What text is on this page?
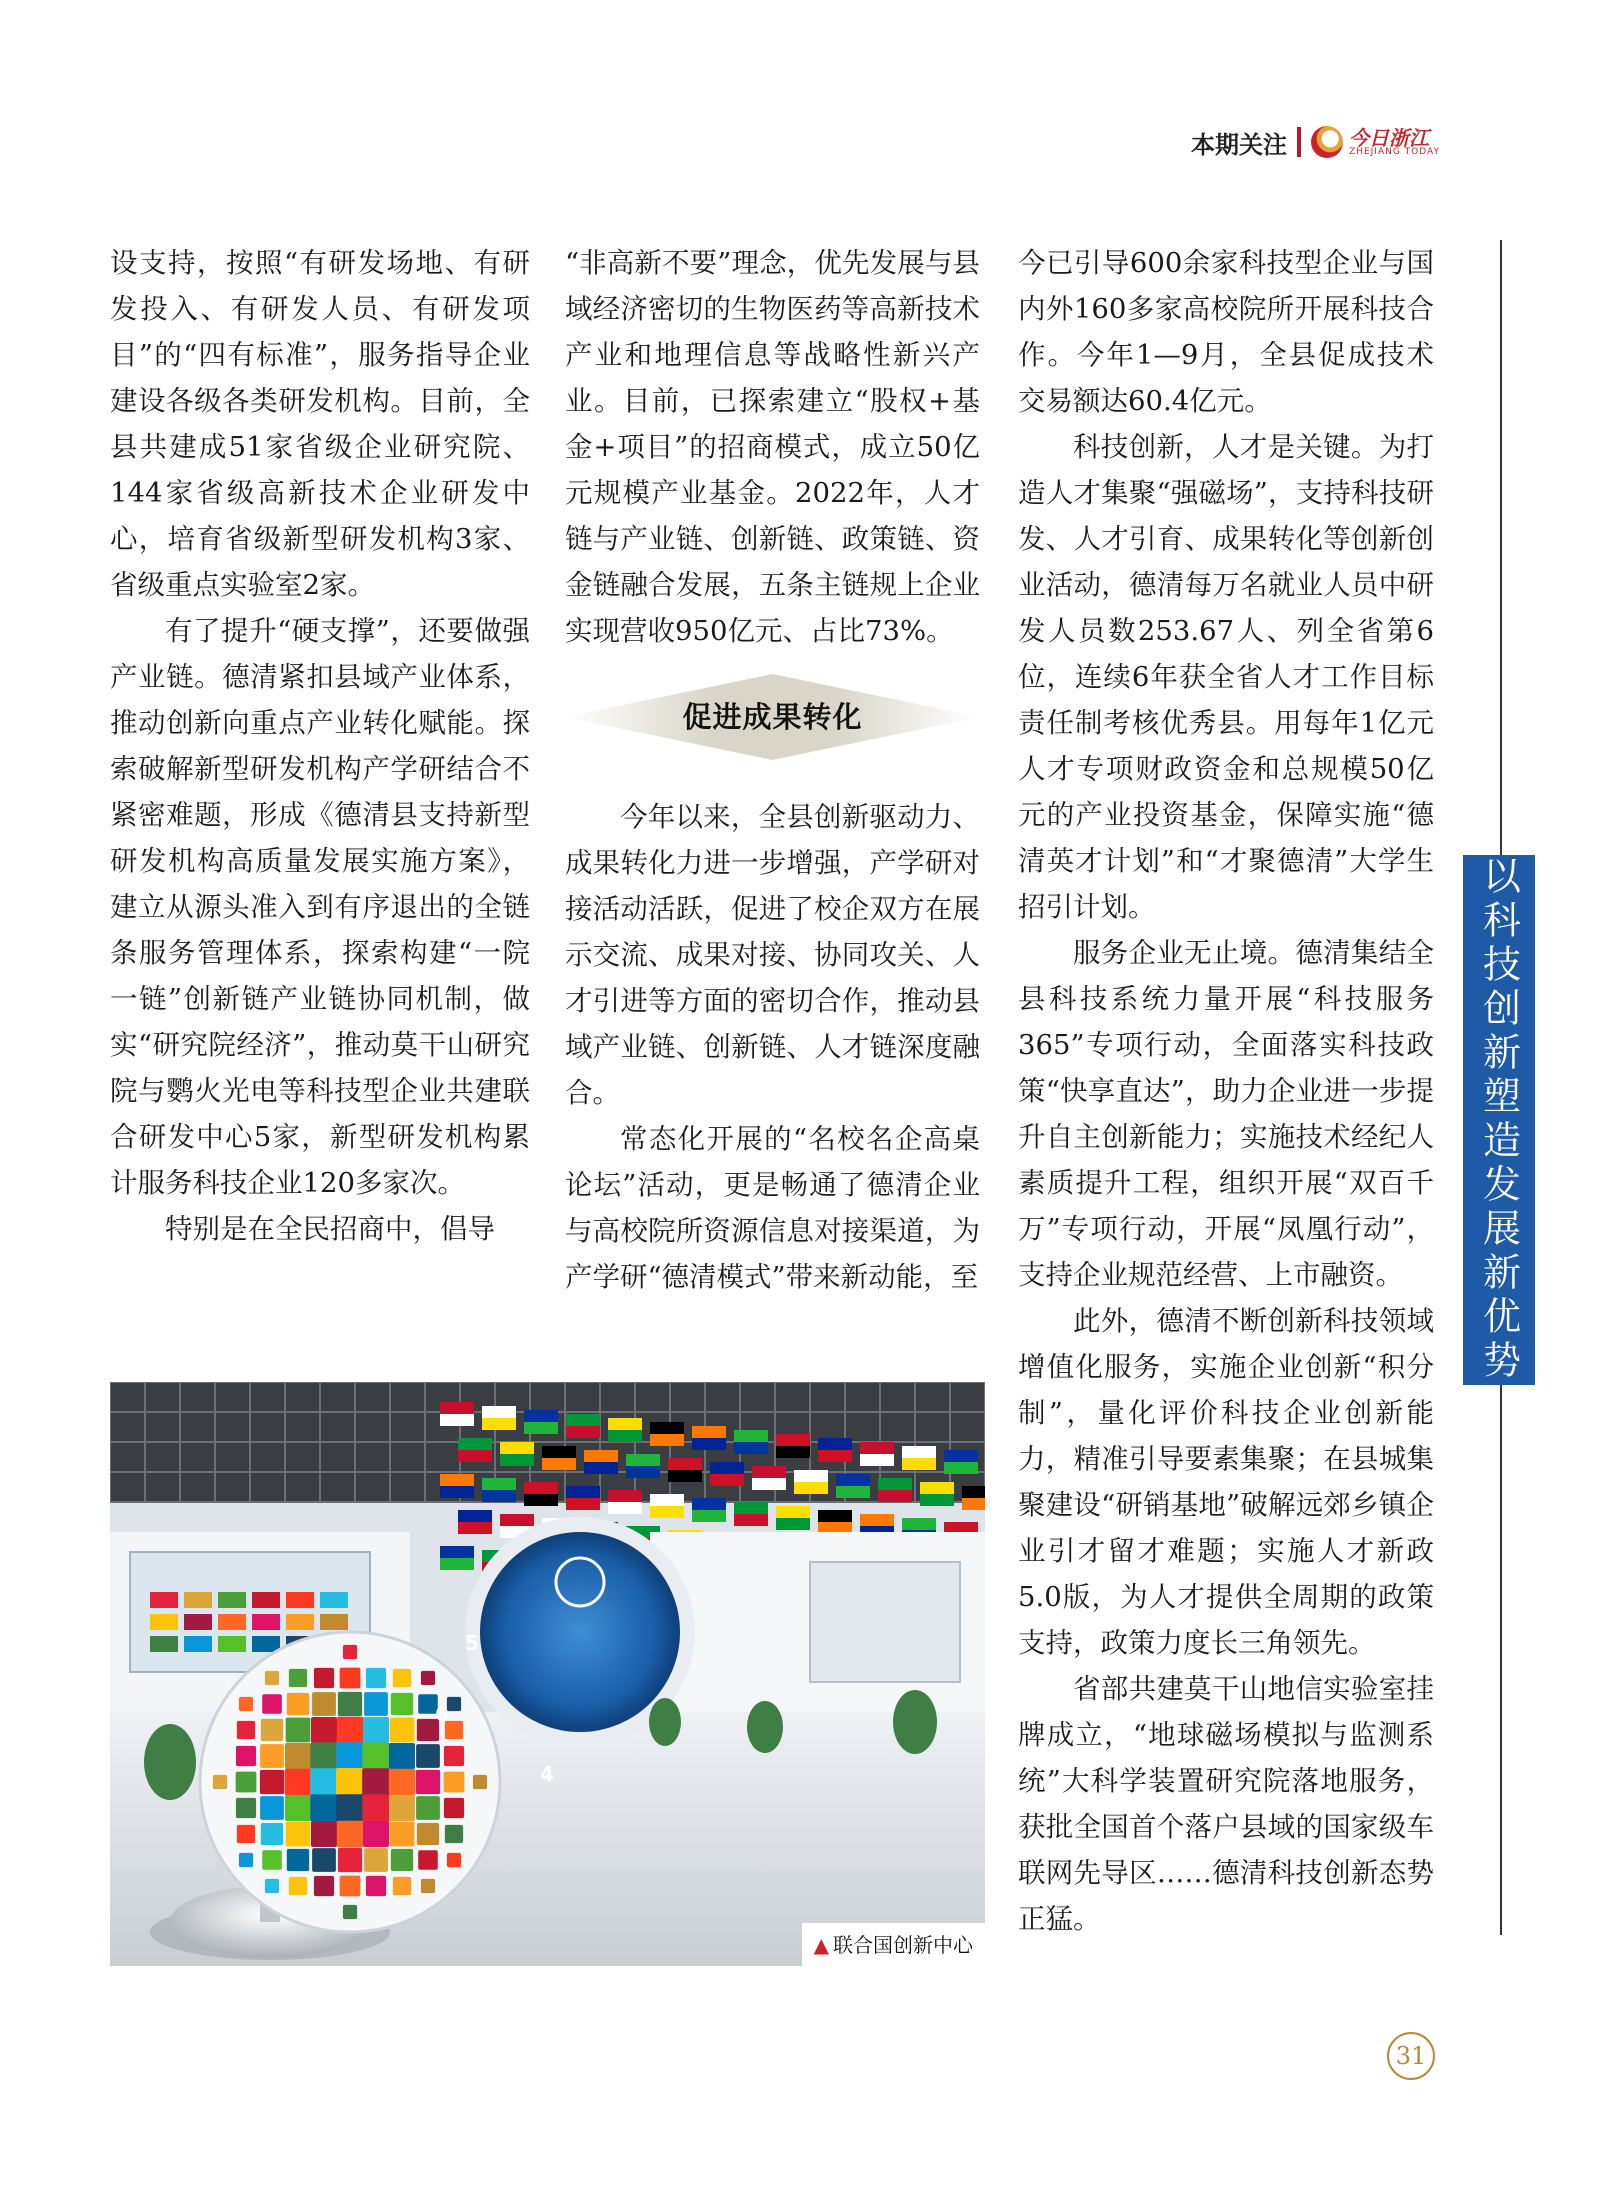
本期关注	今日浙江
ZHEJIANG TODAY

设支持，按照“有研发场地、有研发投入、有研发人员、有研发项目”的“四有标准”，服务指导企业建设各级各类研发机构。目前，全县共建成51家省级企业研究院、144家省级高新技术企业研发中心，培育省级新型研发机构3家、省级重点实验室2家。

有了提升“硬支撑”，还要做强产业链。德清紧扣县域产业体系，推动创新向重点产业转化赋能。探索破解新型研发机构产学研结合不紧密难题，形成《德清县支持新型研发机构高质量发展实施方案》，建立从源头准入到有序退出的全链条服务管理体系，探索构建“一院一链”创新链产业链协同机制，做实“研究院经济”，推动莫干山研究院与鹦火光电等科技型企业共建联合研发中心5家，新型研发机构累计服务科技企业120多家次。

特别是在全民招商中，倡导

“非高新不要”理念，优先发展与县域经济密切的生物医药等高新技术产业和地理信息等战略性新兴产业。目前，已探索建立“股权+基金+项目”的招商模式，成立50亿元规模产业基金。2022年，人才链与产业链、创新链、政策链、资金链融合发展，五条主链规上企业实现营收950亿元、占比73%。

促进成果转化

今年以来，全县创新驱动力、成果转化力进一步增强，产学研对接活动活跃，促进了校企双方在展示交流、成果对接、协同攻关、人才引进等方面的密切合作，推动县域产业链、创新链、人才链深度融合。

常态化开展的“名校名企高桌论坛”活动，更是畅通了德清企业与高校院所资源信息对接渠道，为产学研“德清模式”带来新动能，至

今已引导600余家科技型企业与国内外160多家高校院所开展科技合作。今年1—9月，全县促成技术交易额达60.4亿元。

科技创新，人才是关键。为打造人才集聚“强磁场”，支持科技研发、人才引育、成果转化等创新创业活动，德清每万名就业人员中研发人员数253.67人、列全省第6位，连续6年获全省人才工作目标责任制考核优秀县。用每年1亿元人才专项财政资金和总规模50亿元的产业投资基金，保障实施“德清英才计划”和“才聚德清”大学生招引计划。

服务企业无止境。德清集结全县科技系统力量开展“科技服务365”专项行动，全面落实科技政策“快享直达”，助力企业进一步提升自主创新能力；实施技术经纪人素质提升工程，组织开展“双百千万”专项行动，开展“凤凰行动”，支持企业规范经营、上市融资。

此外，德清不断创新科技领域增值化服务，实施企业创新“积分制”，量化评价科技企业创新能力，精准引导要素集聚；在县城集聚建设“研销基地”破解远郊乡镇企业引才留才难题；实施人才新政5.0版，为人才提供全周期的政策支持，政策力度长三角领先。

省部共建莫干山地信实验室挂牌成立，“地球磁场模拟与监测系统”大科学装置研究院落地服务，获批全国首个落户县域的国家级车联网先导区……德清科技创新态势正猛。

以科技创新塑造发展新优势
5
6
4
▲ 联合国创新中心
31
